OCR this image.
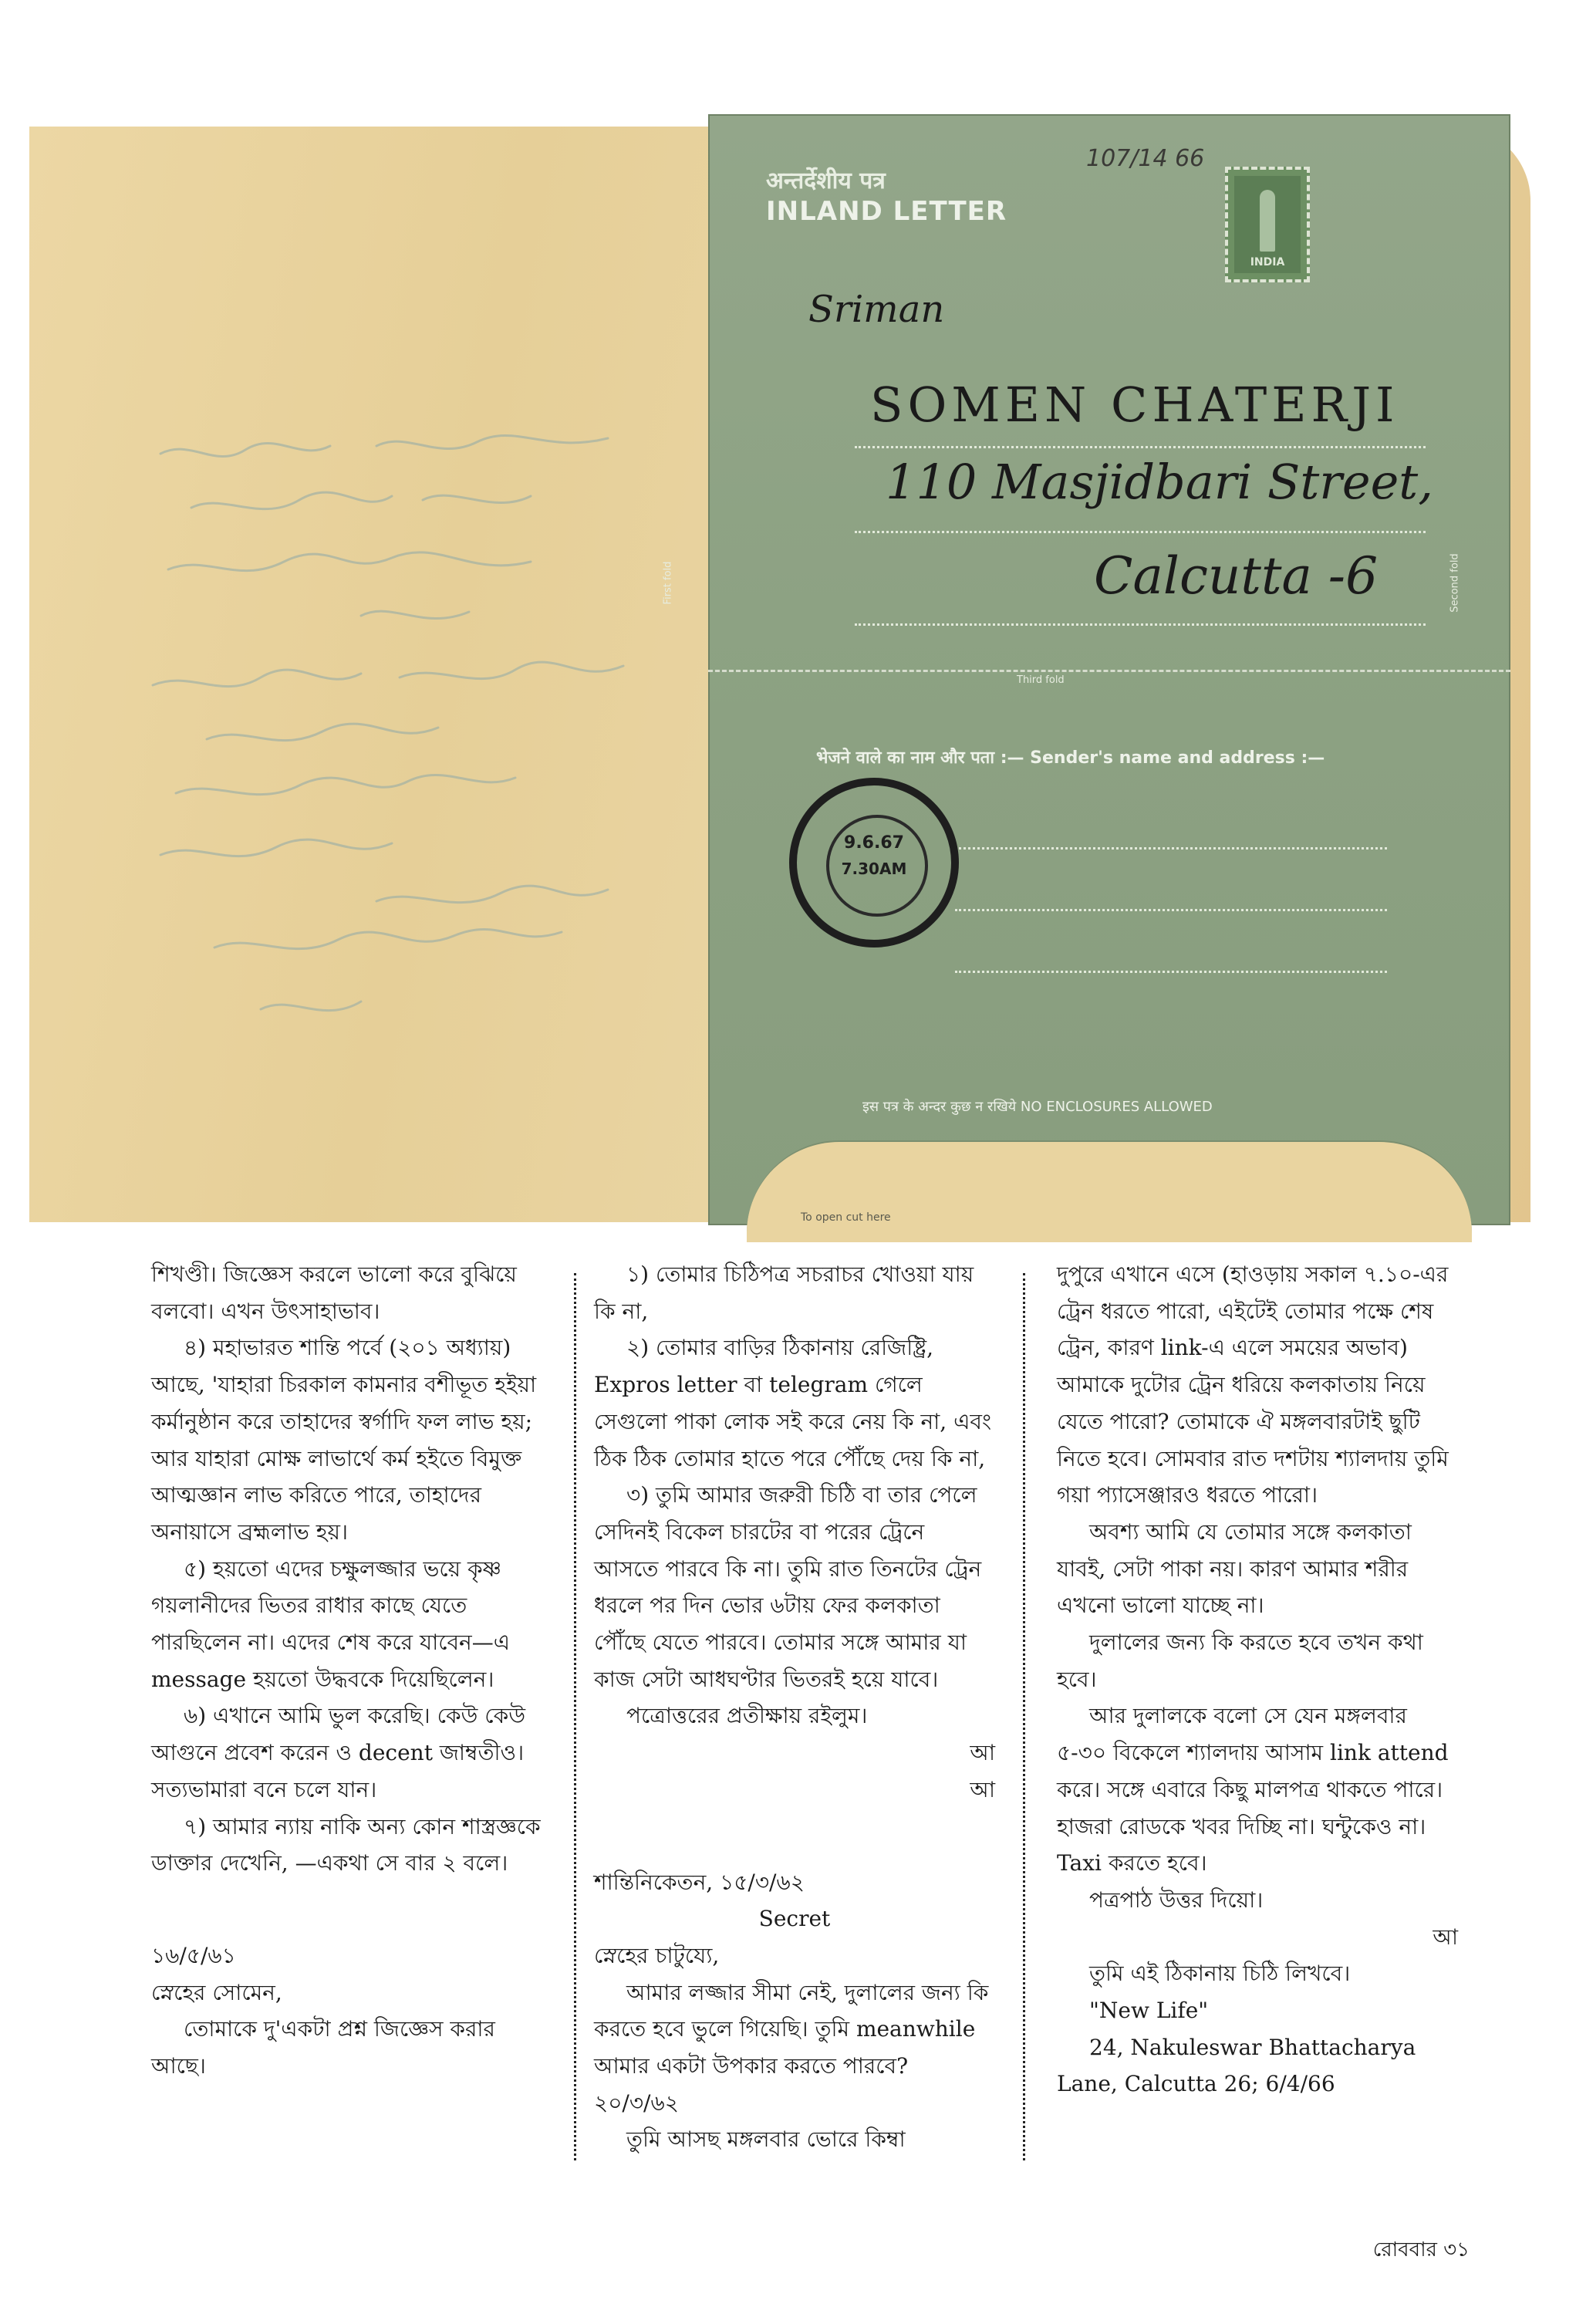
अन्तर्देशीय पत्र
INLAND LETTER
107/14 66
INDIA
Sriman
SOMEN CHATERJI
110 Masjidbari Street,
Calcutta -6
Third fold
First fold	Second fold
भेजने वाले का नाम और पता :— Sender's name and address :—
9.6.67
7.30AM
इस पत्र के अन्दर कुछ न रखिये NO ENCLOSURES ALLOWED
To open cut here

শিখণ্ডী। জিজ্ঞেস করলে ভালো করে বুঝিয়ে বলবো। এখন উৎসাহাভাব।

৪) মহাভারত শান্তি পর্বে (২০১ অধ্যায়) আছে, 'যাহারা চিরকাল কামনার বশীভূত হইয়া কর্মানুষ্ঠান করে তাহাদের স্বর্গাদি ফল লাভ হয়; আর যাহারা মোক্ষ লাভার্থে কর্ম হইতে বিমুক্ত আত্মজ্ঞান লাভ করিতে পারে, তাহাদের অনায়াসে ব্রহ্মলাভ হয়।

৫) হয়তো এদের চক্ষুলজ্জার ভয়ে কৃষ্ণ গয়লানীদের ভিতর রাধার কাছে যেতে পারছিলেন না। এদের শেষ করে যাবেন—এ message হয়তো উদ্ধবকে দিয়েছিলেন।

৬) এখানে আমি ভুল করেছি। কেউ কেউ আগুনে প্রবেশ করেন ও decent জাম্বতীও। সত্যভামারা বনে চলে যান।

৭) আমার ন্যায় নাকি অন্য কোন শাস্ত্রজ্ঞকে ডাক্তার দেখেনি, —একথা সে বার ২ বলে।

১৬/৫/৬১

স্নেহের সোমেন,

তোমাকে দু'একটা প্রশ্ন জিজ্ঞেস করার আছে।

১) তোমার চিঠিপত্র সচরাচর খোওয়া যায় কি না,

২) তোমার বাড়ির ঠিকানায় রেজিষ্ট্রি, Expros letter বা telegram গেলে সেগুলো পাকা লোক সই করে নেয় কি না, এবং ঠিক ঠিক তোমার হাতে পরে পৌঁছে দেয় কি না,

৩) তুমি আমার জরুরী চিঠি বা তার পেলে সেদিনই বিকেল চারটের বা পরের ট্রেনে আসতে পারবে কি না। তুমি রাত তিনটের ট্রেন ধরলে পর দিন ভোর ৬টায় ফের কলকাতা পৌঁছে যেতে পারবে। তোমার সঙ্গে আমার যা কাজ সেটা আধঘণ্টার ভিতরই হয়ে যাবে।

পত্রোত্তরের প্রতীক্ষায় রইলুম।

আ

আ

শান্তিনিকেতন, ১৫/৩/৬২

Secret

স্নেহের চাটুয্যে,

আমার লজ্জার সীমা নেই, দুলালের জন্য কি করতে হবে ভুলে গিয়েছি। তুমি meanwhile আমার একটা উপকার করতে পারবে? ২০/৩/৬২

তুমি আসছ মঙ্গলবার ভোরে কিম্বা

দুপুরে এখানে এসে (হাওড়ায় সকাল ৭.১০-এর ট্রেন ধরতে পারো, এইটেই তোমার পক্ষে শেষ ট্রেন, কারণ link-এ এলে সময়ের অভাব) আমাকে দুটোর ট্রেন ধরিয়ে কলকাতায় নিয়ে যেতে পারো? তোমাকে ঐ মঙ্গলবারটাই ছুটি নিতে হবে। সোমবার রাত দশটায় শ্যালদায় তুমি গয়া প্যাসেঞ্জারও ধরতে পারো।

অবশ্য আমি যে তোমার সঙ্গে কলকাতা যাবই, সেটা পাকা নয়। কারণ আমার শরীর এখনো ভালো যাচ্ছে না।

দুলালের জন্য কি করতে হবে তখন কথা হবে।

আর দুলালকে বলো সে যেন মঙ্গলবার ৫-৩০ বিকেলে শ্যালদায় আসাম link attend করে। সঙ্গে এবারে কিছু মালপত্র থাকতে পারে। হাজরা রোডকে খবর দিচ্ছি না। ঘন্টুকেও না। Taxi করতে হবে।

পত্রপাঠ উত্তর দিয়ো।

আ

তুমি এই ঠিকানায় চিঠি লিখবে।

"New Life"

24, Nakuleswar Bhattacharya Lane, Calcutta 26; 6/4/66

রোববার ৩১
